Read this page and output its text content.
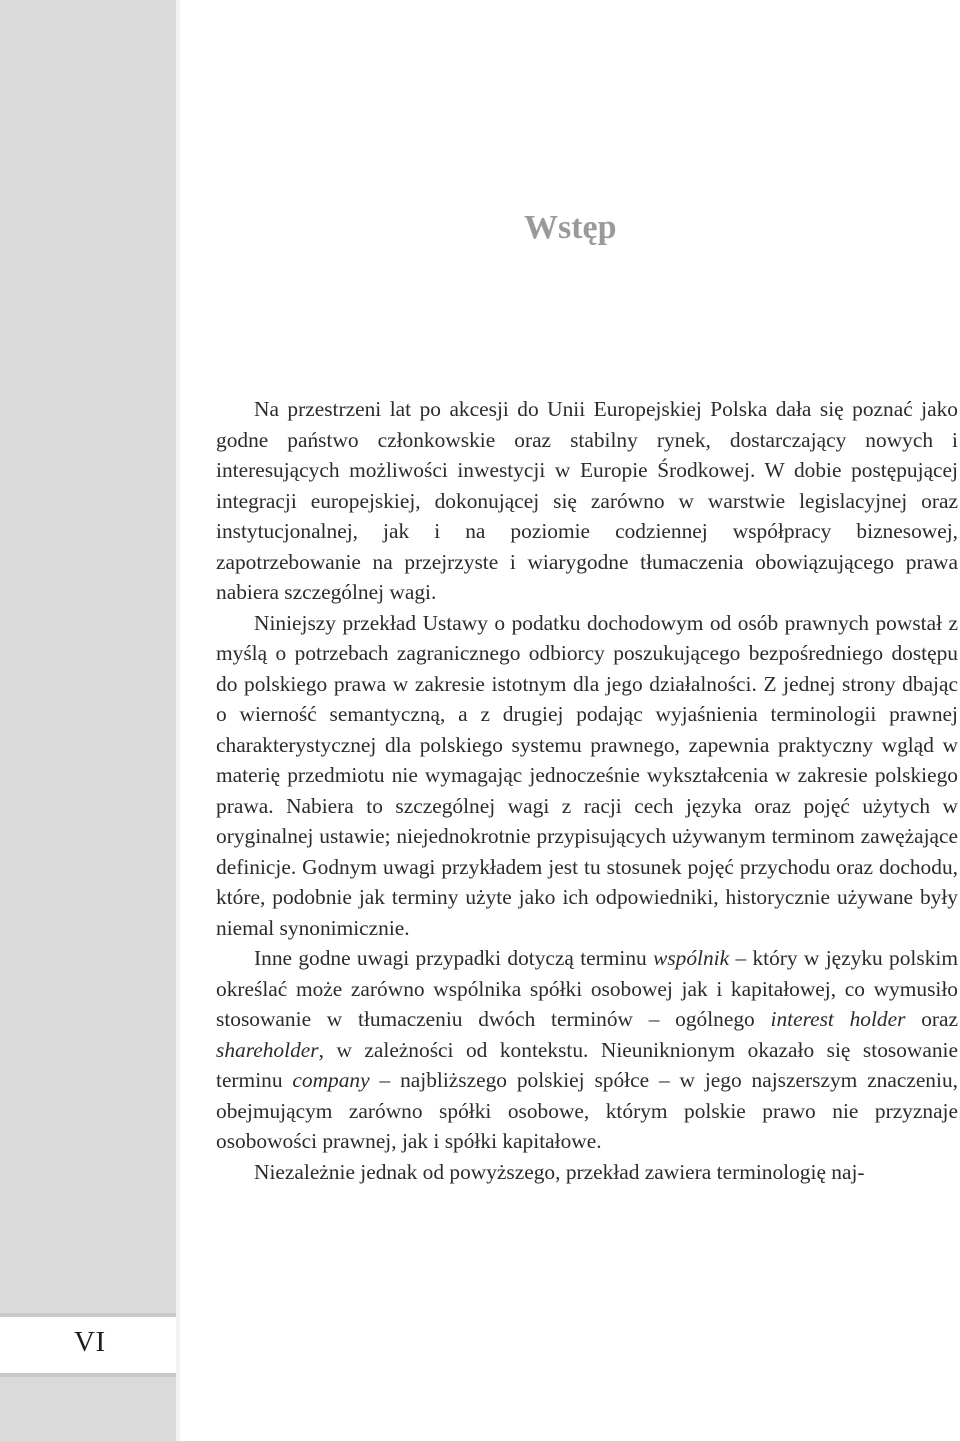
Wstęp

Na przestrzeni lat po akcesji do Unii Europejskiej Polska dała się poznać jako godne państwo członkowskie oraz stabilny rynek, dostarczający nowych i interesujących możliwości inwestycji w Europie Środkowej. W dobie postępującej integracji europejskiej, dokonującej się zarówno w warstwie legislacyjnej oraz instytucjonalnej, jak i na poziomie codziennej współpracy biznesowej, zapotrzebowanie na przejrzyste i wiarygodne tłumaczenia obowiązującego prawa nabiera szczególnej wagi.

Niniejszy przekład Ustawy o podatku dochodowym od osób prawnych powstał z myślą o potrzebach zagranicznego odbiorcy poszukującego bezpośredniego dostępu do polskiego prawa w zakresie istotnym dla jego działalności. Z jednej strony dbając o wierność semantyczną, a z drugiej podając wyjaśnienia terminologii prawnej charakterystycznej dla polskiego systemu prawnego, zapewnia praktyczny wgląd w materię przedmiotu nie wymagając jednocześnie wykształcenia w zakresie polskiego prawa. Nabiera to szczególnej wagi z racji cech języka oraz pojęć użytych w oryginalnej ustawie; niejednokrotnie przypisujących używanym terminom zawężające definicje. Godnym uwagi przykładem jest tu stosunek pojęć przychodu oraz dochodu, które, podobnie jak terminy użyte jako ich odpowiedniki, historycznie używane były niemal synonimicznie.

Inne godne uwagi przypadki dotyczą terminu wspólnik – który w języku polskim określać może zarówno wspólnika spółki osobowej jak i kapitałowej, co wymusiło stosowanie w tłumaczeniu dwóch terminów – ogólnego interest holder oraz shareholder, w zależności od kontekstu. Nieuniknionym okazało się stosowanie terminu company – najbliższego polskiej spółce – w jego najszerszym znaczeniu, obejmującym zarówno spółki osobowe, którym polskie prawo nie przyznaje osobowości prawnej, jak i spółki kapitałowe.

Niezależnie jednak od powyższego, przekład zawiera terminologię naj-

VI
